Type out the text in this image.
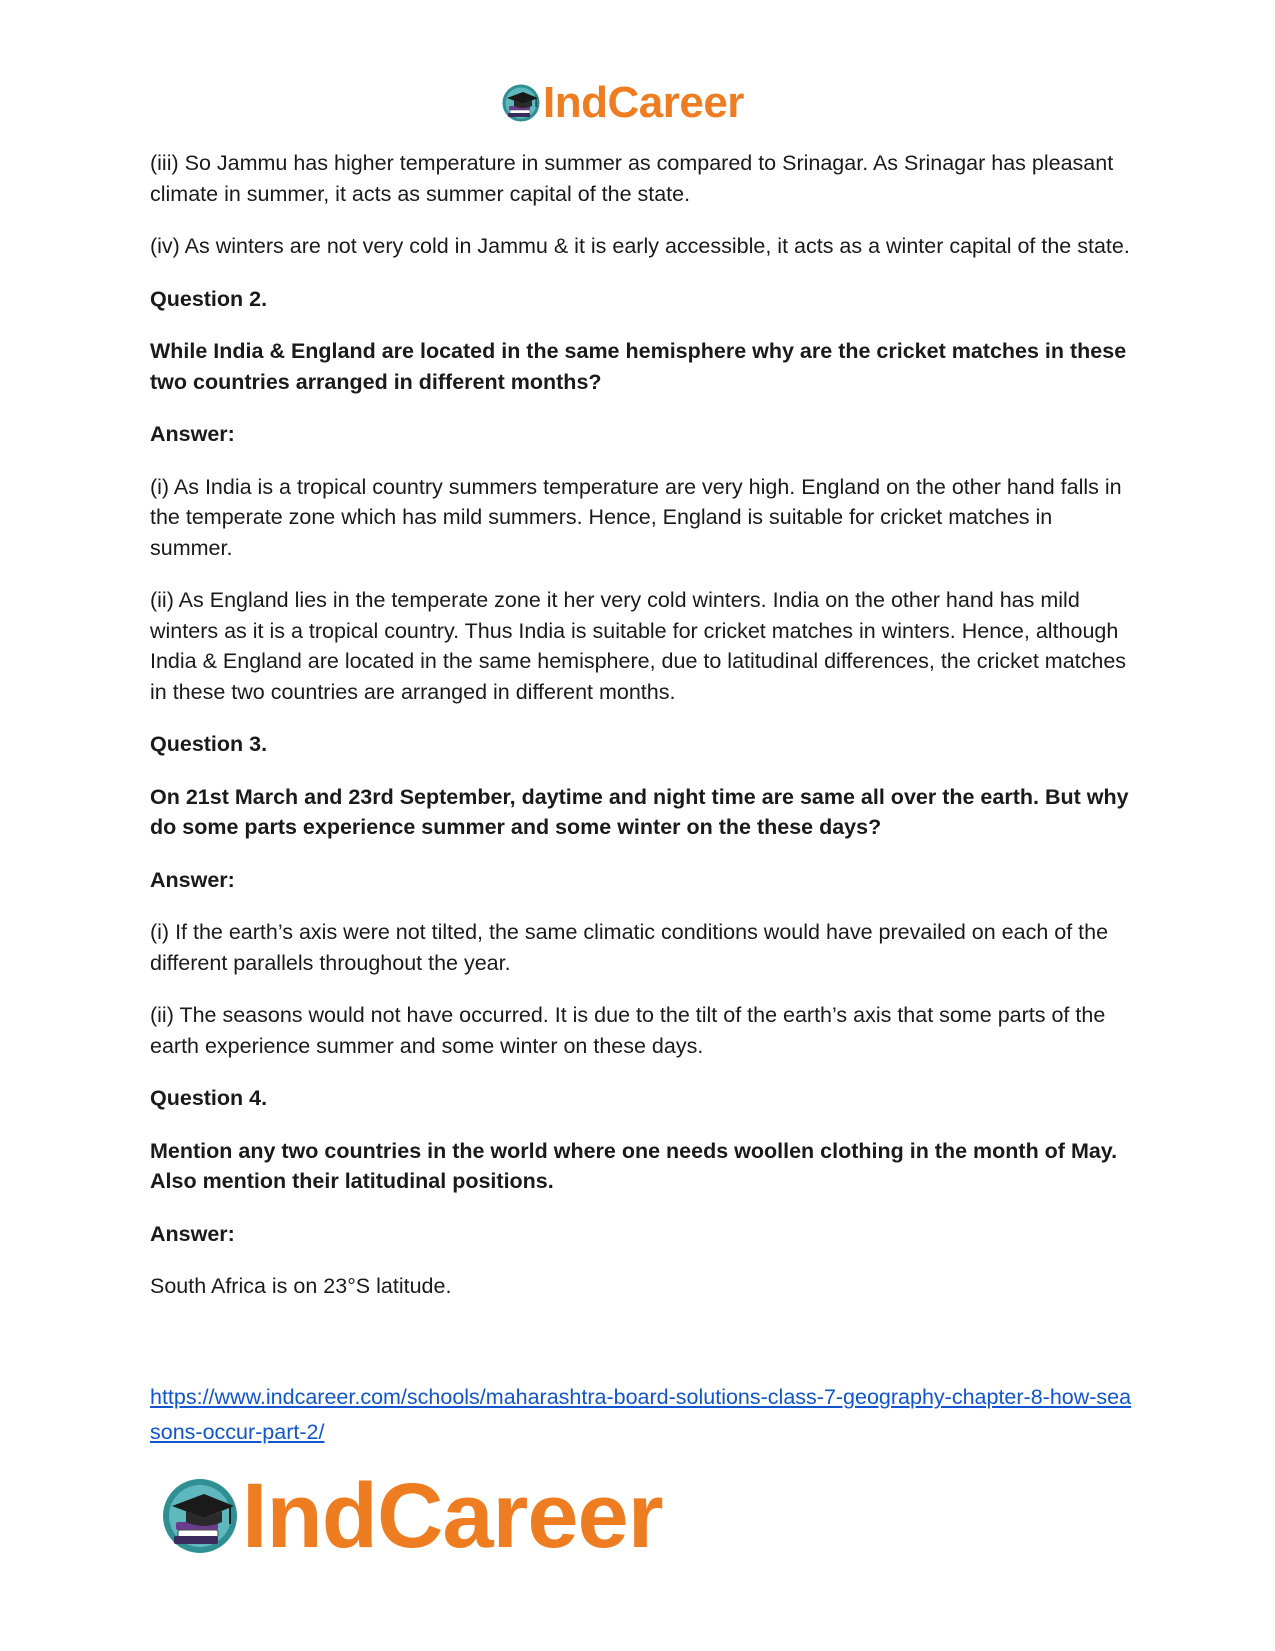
IndCareer

(iii) So Jammu has higher temperature in summer as compared to Srinagar. As Srinagar has pleasant climate in summer, it acts as summer capital of the state.

(iv) As winters are not very cold in Jammu & it is early accessible, it acts as a winter capital of the state.

Question 2.

While India & England are located in the same hemisphere why are the cricket matches in these two countries arranged in different months?

Answer:

(i) As India is a tropical country summers temperature are very high. England on the other hand falls in the temperate zone which has mild summers. Hence, England is suitable for cricket matches in summer.

(ii) As England lies in the temperate zone it her very cold winters. India on the other hand has mild winters as it is a tropical country. Thus India is suitable for cricket matches in winters. Hence, although India & England are located in the same hemisphere, due to latitudinal differences, the cricket matches in these two countries are arranged in different months.

Question 3.

On 21st March and 23rd September, daytime and night time are same all over the earth. But why do some parts experience summer and some winter on the these days?

Answer:

(i) If the earth’s axis were not tilted, the same climatic conditions would have prevailed on each of the different parallels throughout the year.

(ii) The seasons would not have occurred. It is due to the tilt of the earth’s axis that some parts of the earth experience summer and some winter on these days.

Question 4.

Mention any two countries in the world where one needs woollen clothing in the month of May. Also mention their latitudinal positions.

Answer:

South Africa is on 23°S latitude.

https://www.indcareer.com/schools/maharashtra-board-solutions-class-7-geography-chapter-8-how-seasons-occur-part-2/
IndCareer
